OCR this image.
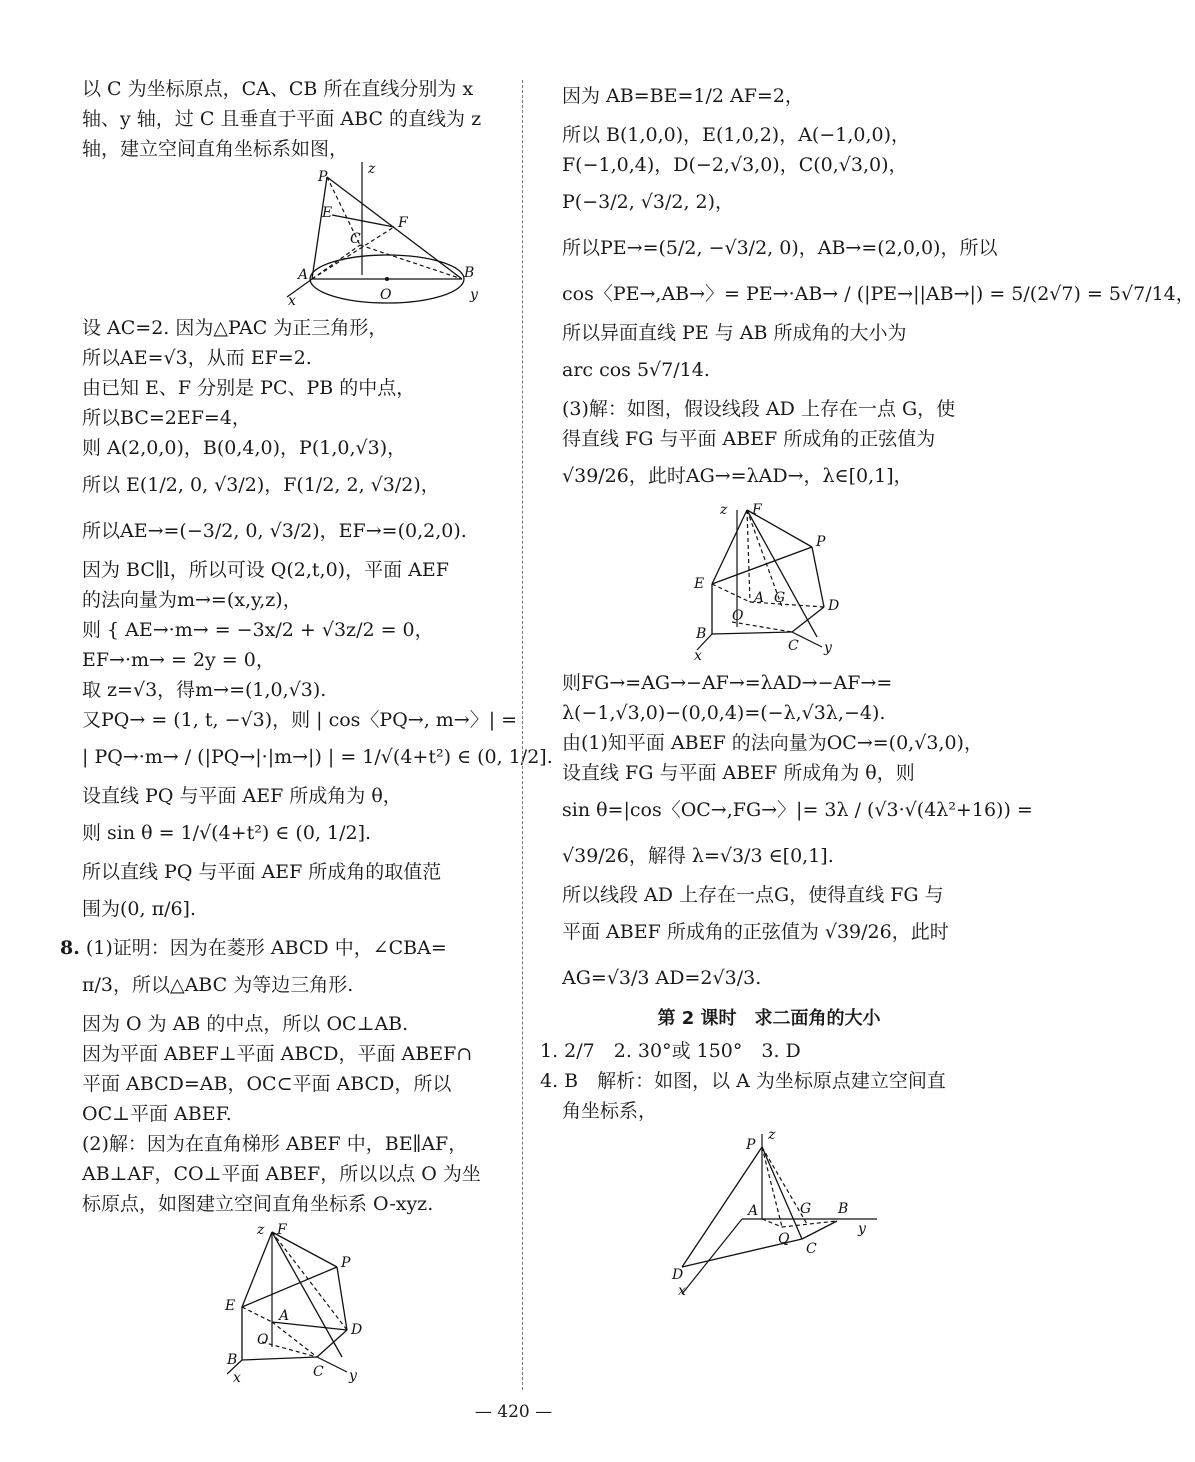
以 C 为坐标原点，CA、CB 所在直线分别为 x
轴、y 轴，过 C 且垂直于平面 ABC 的直线为 z
轴，建立空间直角坐标系如图，
P	z
E
F
C
A	B
O
x	y
设 AC=2. 因为△PAC 为正三角形，
所以AE=√3，从而 EF=2.
由已知 E、F 分别是 PC、PB 的中点，
所以BC=2EF=4，
则 A(2,0,0)，B(0,4,0)，P(1,0,√3)，
所以 E(1/2, 0, √3/2)，F(1/2, 2, √3/2)，
所以AE→=(−3/2, 0, √3/2)，EF→=(0,2,0).
因为 BC∥l，所以可设 Q(2,t,0)，平面 AEF
的法向量为m→=(x,y,z)，
则 { AE→·m→ = −3x/2 + √3z/2 = 0，
EF→·m→ = 2y = 0，
取 z=√3，得m→=(1,0,√3).
又PQ→ = (1, t, −√3)，则 | cos〈PQ→, m→〉| =
| PQ→·m→ / (|PQ→|·|m→|) | = 1/√(4+t²) ∈ (0, 1/2].
设直线 PQ 与平面 AEF 所成角为 θ，
则 sin θ = 1/√(4+t²) ∈ (0, 1/2].
所以直线 PQ 与平面 AEF 所成角的取值范
围为(0, π/6].
8. (1)证明：因为在菱形 ABCD 中，∠CBA=
π/3，所以△ABC 为等边三角形.
因为 O 为 AB 的中点，所以 OC⊥AB.
因为平面 ABEF⊥平面 ABCD，平面 ABEF∩
平面 ABCD=AB，OC⊂平面 ABCD，所以
OC⊥平面 ABEF.
(2)解：因为在直角梯形 ABEF 中，BE∥AF，
AB⊥AF，CO⊥平面 ABEF，所以以点 O 为坐
标原点，如图建立空间直角坐标系 O-xyz.
z F
P
E
A
D
O
B
C
x	y
因为 AB=BE=1/2 AF=2，
所以 B(1,0,0)，E(1,0,2)，A(−1,0,0)，
F(−1,0,4)，D(−2,√3,0)，C(0,√3,0)，
P(−3/2, √3/2, 2)，
所以PE→=(5/2, −√3/2, 0)，AB→=(2,0,0)，所以
cos〈PE→,AB→〉= PE→·AB→ / (|PE→||AB→|) = 5/(2√7) = 5√7/14，
所以异面直线 PE 与 AB 所成角的大小为
arc cos 5√7/14.
(3)解：如图，假设线段 AD 上存在一点 G，使
得直线 FG 与平面 ABEF 所成角的正弦值为
√39/26，此时AG→=λAD→，λ∈[0,1]，
z F
P
E
A G	D
O
B
C
x	y
则FG→=AG→−AF→=λAD→−AF→=
λ(−1,√3,0)−(0,0,4)=(−λ,√3λ,−4).
由(1)知平面 ABEF 的法向量为OC→=(0,√3,0)，
设直线 FG 与平面 ABEF 所成角为 θ，则
sin θ=|cos〈OC→,FG→〉|= 3λ / (√3·√(4λ²+16)) =
√39/26，解得 λ=√3/3 ∈[0,1].
所以线段 AD 上存在一点G，使得直线 FG 与
平面 ABEF 所成角的正弦值为 √39/26，此时
AG=√3/3 AD=2√3/3.
第 2 课时　求二面角的大小
1. 2/7　2. 30°或 150°　3. D
4. B　解析：如图，以 A 为坐标原点建立空间直
角坐标系，
z
P
A	G B
y
Q
C
D
x
— 420 —
